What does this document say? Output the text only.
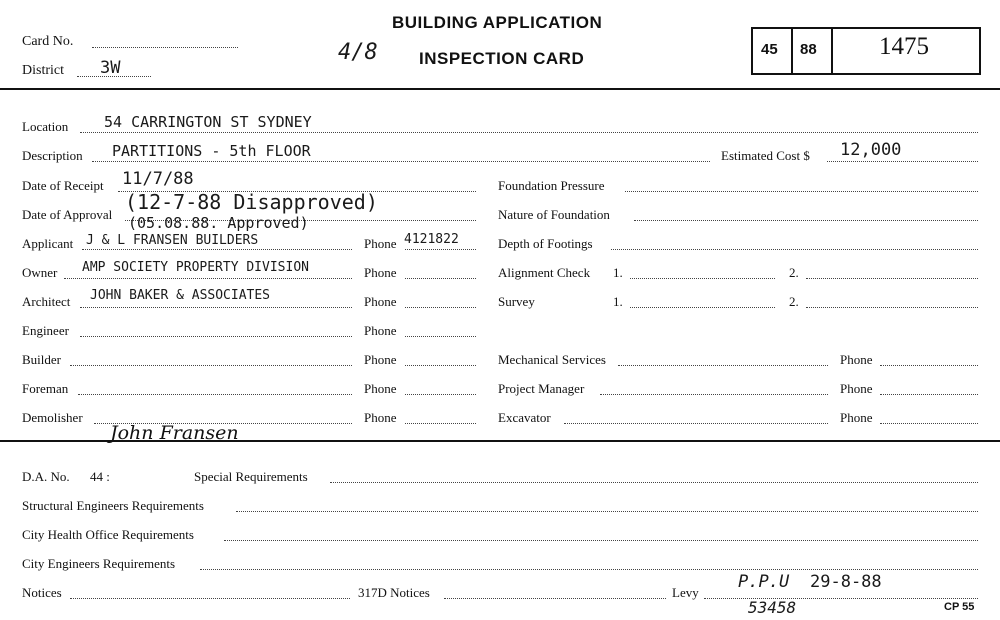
Card No.
District 3W
4/8
BUILDING APPLICATION
INSPECTION CARD	45 88 1475
Location 54 CARRINGTON ST SYDNEY
Description PARTITIONS - 5th FLOOR
Date of Receipt 11/7/88
Date of Approval
(12-7-88 Disapproved)
(05.08.88. Approved)
Applicant J & L FRANSEN BUILDERS	Phone 4121822
Owner AMP SOCIETY PROPERTY DIVISION	Phone
Architect JOHN BAKER & ASSOCIATES	Phone
Engineer	Phone
Builder	Phone
Foreman	Phone
Demolisher	Phone
John Fransen
Estimated Cost $ 12,000
Foundation Pressure
Nature of Foundation
Depth of Footings
Alignment Check 1.	2.
Survey	1.	2.
Mechanical Services	Phone
Project Manager	Phone
Excavator	Phone
D.A. No. 44 :	Special Requirements
Structural Engineers Requirements
City Health Office Requirements
City Engineers Requirements
Notices	317D Notices	Levy
P.P.U 29-8-88
53458	CP 55
